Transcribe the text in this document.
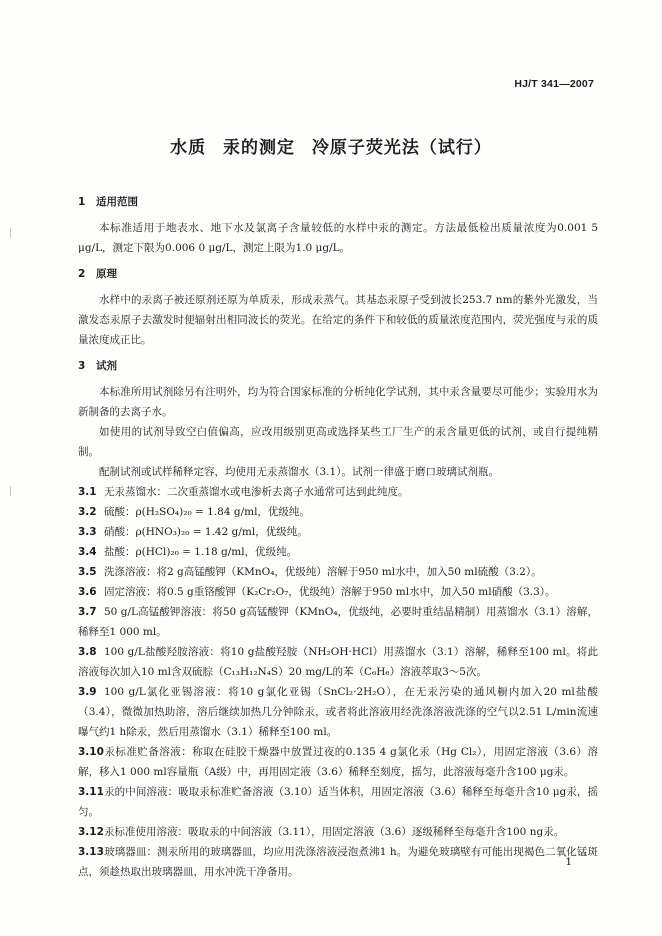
HJ/T 341—2007
水质 汞的测定 冷原子荧光法（试行）

1 适用范围

本标准适用于地表水、地下水及氯离子含量较低的水样中汞的测定。方法最低检出质量浓度为0.001 5 μg/L，测定下限为0.006 0 μg/L，测定上限为1.0 μg/L。

2 原理

水样中的汞离子被还原剂还原为单质汞，形成汞蒸气。其基态汞原子受到波长253.7 nm的紫外光激发，当激发态汞原子去激发时便辐射出相同波长的荧光。在给定的条件下和较低的质量浓度范围内，荧光强度与汞的质量浓度成正比。

3 试剂

本标准所用试剂除另有注明外，均为符合国家标准的分析纯化学试剂，其中汞含量要尽可能少；实验用水为新制备的去离子水。

如使用的试剂导致空白值偏高，应改用级别更高或选择某些工厂生产的汞含量更低的试剂，或自行提纯精制。

配制试剂或试样稀释定容，均使用无汞蒸馏水（3.1）。试剂一律盛于磨口玻璃试剂瓶。

3.1 无汞蒸馏水：二次重蒸馏水或电渗析去离子水通常可达到此纯度。

3.2 硫酸：ρ(H₂SO₄)₂₀ = 1.84 g/ml，优级纯。

3.3 硝酸：ρ(HNO₃)₂₀ = 1.42 g/ml，优级纯。

3.4 盐酸：ρ(HCl)₂₀ = 1.18 g/ml，优级纯。

3.5 洗涤溶液：将2 g高锰酸钾（KMnO₄，优级纯）溶解于950 ml水中，加入50 ml硫酸（3.2）。

3.6 固定溶液：将0.5 g重铬酸钾（K₂Cr₂O₇，优级纯）溶解于950 ml水中，加入50 ml硝酸（3.3）。

3.7 50 g/L高锰酸钾溶液：将50 g高锰酸钾（KMnO₄，优级纯，必要时重结晶精制）用蒸馏水（3.1）溶解，稀释至1 000 ml。

3.8 100 g/L盐酸羟胺溶液：将10 g盐酸羟胺（NH₂OH·HCl）用蒸馏水（3.1）溶解，稀释至100 ml。将此溶液每次加入10 ml含双硫腙（C₁₃H₁₂N₄S）20 mg/L的苯（C₆H₆）溶液萃取3～5次。

3.9 100 g/L氯化亚锡溶液：将10 g氯化亚锡（SnCl₂·2H₂O），在无汞污染的通风橱内加入20 ml盐酸（3.4），微微加热助溶，溶后继续加热几分钟除汞，或者将此溶液用经洗涤溶液洗涤的空气以2.51 L/min流速曝气约1 h除汞，然后用蒸馏水（3.1）稀释至100 ml。

3.10汞标准贮备溶液：称取在硅胶干燥器中放置过夜的0.135 4 g氯化汞（Hg Cl₂），用固定溶液（3.6）溶解，移入1 000 ml容量瓶（A级）中，再用固定液（3.6）稀释至刻度，摇匀，此溶液每毫升含100 μg汞。

3.11汞的中间溶液：吸取汞标准贮备溶液（3.10）适当体积，用固定溶液（3.6）稀释至每毫升含10 μg汞，摇匀。

3.12汞标准使用溶液：吸取汞的中间溶液（3.11），用固定溶液（3.6）逐级稀释至每毫升含100 ng汞。

3.13玻璃器皿：测汞所用的玻璃器皿，均应用洗涤溶液浸泡煮沸1 h。为避免玻璃壁有可能出现褐色二氧化锰斑点，须趁热取出玻璃器皿，用水冲洗干净备用。

1
